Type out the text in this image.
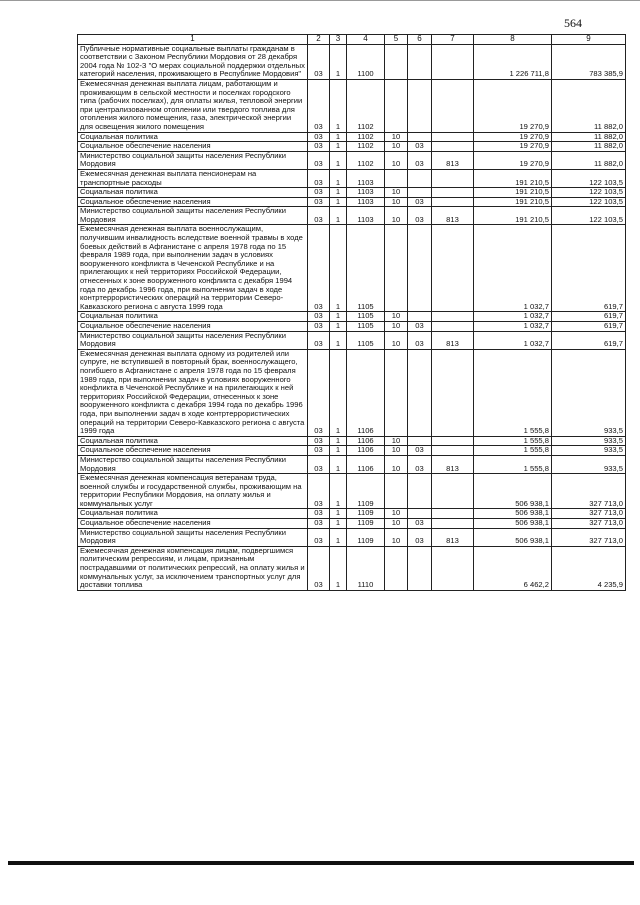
564
1	2	3	4	5	6	7	8	9
Публичные нормативные социальные выплаты гражданам в соответствии с Законом Республики Мордовия от 28 декабря 2004 года № 102-З "О мерах социальной поддержки отдельных категорий населения, проживающего в Республике Мордовия"	03	1	1100				1 226 711,8	783 385,9
Ежемесячная денежная выплата лицам, работающим и проживающим в сельской местности и поселках городского типа (рабочих поселках), для оплаты жилья, тепловой энергии при централизованном отоплении или твердого топлива для отопления жилого помещения, газа, электрической энергии для освещения жилого помещения	03	1	1102				19 270,9	11 882,0
Социальная политика	03	1	1102	10			19 270,9	11 882,0
Социальное обеспечение населения	03	1	1102	10	03		19 270,9	11 882,0
Министерство социальной защиты населения Республики Мордовия	03	1	1102	10	03	813	19 270,9	11 882,0
Ежемесячная денежная выплата пенсионерам на транспортные расходы	03	1	1103				191 210,5	122 103,5
Социальная политика	03	1	1103	10			191 210,5	122 103,5
Социальное обеспечение населения	03	1	1103	10	03		191 210,5	122 103,5
Министерство социальной защиты населения Республики Мордовия	03	1	1103	10	03	813	191 210,5	122 103,5
Ежемесячная денежная выплата военнослужащим, получившим инвалидность вследствие военной травмы в ходе боевых действий в Афганистане с апреля 1978 года по 15 февраля 1989 года, при выполнении задач в условиях вооруженного конфликта в Чеченской Республике и на прилегающих к ней территориях Российской Федерации, отнесенных к зоне вооруженного конфликта с декабря 1994 года по декабрь 1996 года, при выполнении задач в ходе контртеррористических операций на территории Северо-Кавказского региона с августа 1999 года	03	1	1105				1 032,7	619,7
Социальная политика	03	1	1105	10			1 032,7	619,7
Социальное обеспечение населения	03	1	1105	10	03		1 032,7	619,7
Министерство социальной защиты населения Республики Мордовия	03	1	1105	10	03	813	1 032,7	619,7
Ежемесячная денежная выплата одному из родителей или супруге, не вступившей в повторный брак, военнослужащего, погибшего в Афганистане с апреля 1978 года по 15 февраля 1989 года, при выполнении задач в условиях вооруженного конфликта в Чеченской Республике и на прилегающих к ней территориях Российской Федерации, отнесенных к зоне вооруженного конфликта с декабря 1994 года по декабрь 1996 года, при выполнении задач в ходе контртеррористических операций на территории Северо-Кавказского региона с августа 1999 года	03	1	1106				1 555,8	933,5
Социальная политика	03	1	1106	10			1 555,8	933,5
Социальное обеспечение населения	03	1	1106	10	03		1 555,8	933,5
Министерство социальной защиты населения Республики Мордовия	03	1	1106	10	03	813	1 555,8	933,5
Ежемесячная денежная компенсация ветеранам труда, военной службы и государственной службы, проживающим на территории Республики Мордовия, на оплату жилья и коммунальных услуг	03	1	1109				506 938,1	327 713,0
Социальная политика	03	1	1109	10			506 938,1	327 713,0
Социальное обеспечение населения	03	1	1109	10	03		506 938,1	327 713,0
Министерство социальной защиты населения Республики Мордовия	03	1	1109	10	03	813	506 938,1	327 713,0
Ежемесячная денежная компенсация лицам, подвергшимся политическим репрессиям, и лицам, признанным пострадавшими от политических репрессий, на оплату жилья и коммунальных услуг, за исключением транспортных услуг для доставки топлива	03	1	1110				6 462,2	4 235,9
